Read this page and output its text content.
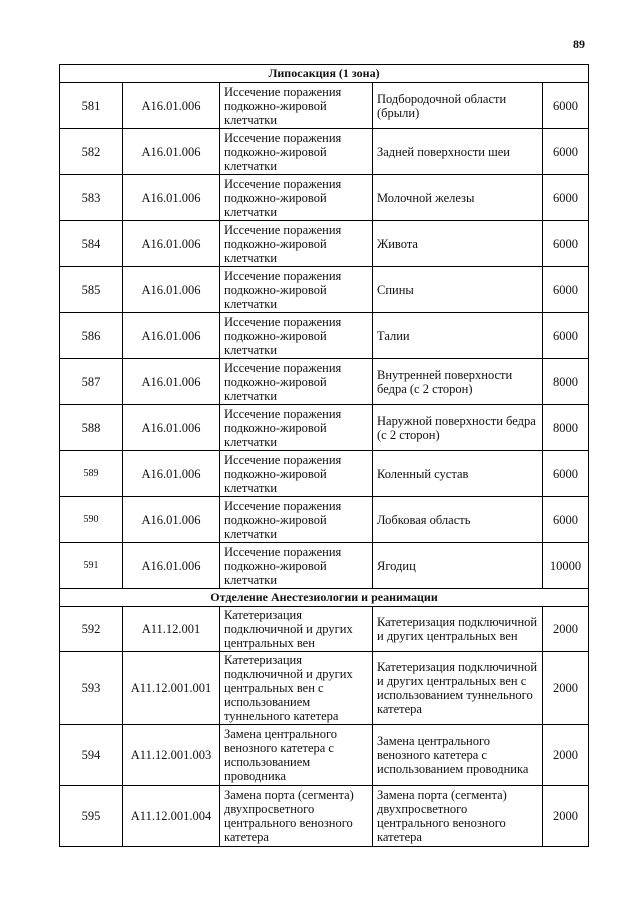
89
Липосакция (1 зона)				
581	A16.01.006	Иссечение поражения подкожно-жировой клетчатки	Подбородочной области (брыли)	6000
582	A16.01.006	Иссечение поражения подкожно-жировой клетчатки	Задней поверхности шеи	6000
583	A16.01.006	Иссечение поражения подкожно-жировой клетчатки	Молочной железы	6000
584	A16.01.006	Иссечение поражения подкожно-жировой клетчатки	Живота	6000
585	A16.01.006	Иссечение поражения подкожно-жировой клетчатки	Спины	6000
586	A16.01.006	Иссечение поражения подкожно-жировой клетчатки	Талии	6000
587	A16.01.006	Иссечение поражения подкожно-жировой клетчатки	Внутренней поверхности бедра (с 2 сторон)	8000
588	A16.01.006	Иссечение поражения подкожно-жировой клетчатки	Наружной поверхности бедра (с 2 сторон)	8000
589	A16.01.006	Иссечение поражения подкожно-жировой клетчатки	Коленный сустав	6000
590	A16.01.006	Иссечение поражения подкожно-жировой клетчатки	Лобковая область	6000
591	A16.01.006	Иссечение поражения подкожно-жировой клетчатки	Ягодиц	10000
Отделение Анестезиологии и реанимации				
592	A11.12.001	Катетеризация подключичной и других центральных вен	Катетеризация подключичной и других центральных вен	2000
593	A11.12.001.001	Катетеризация подключичной и других центральных вен с использованием туннельного катетера	Катетеризация подключичной и других центральных вен с использованием туннельного катетера	2000
594	A11.12.001.003	Замена центрального венозного катетера с использованием проводника	Замена центрального венозного катетера с использованием проводника	2000
595	A11.12.001.004	Замена порта (сегмента) двухпросветного центрального венозного катетера	Замена порта (сегмента) двухпросветного центрального венозного катетера	2000
